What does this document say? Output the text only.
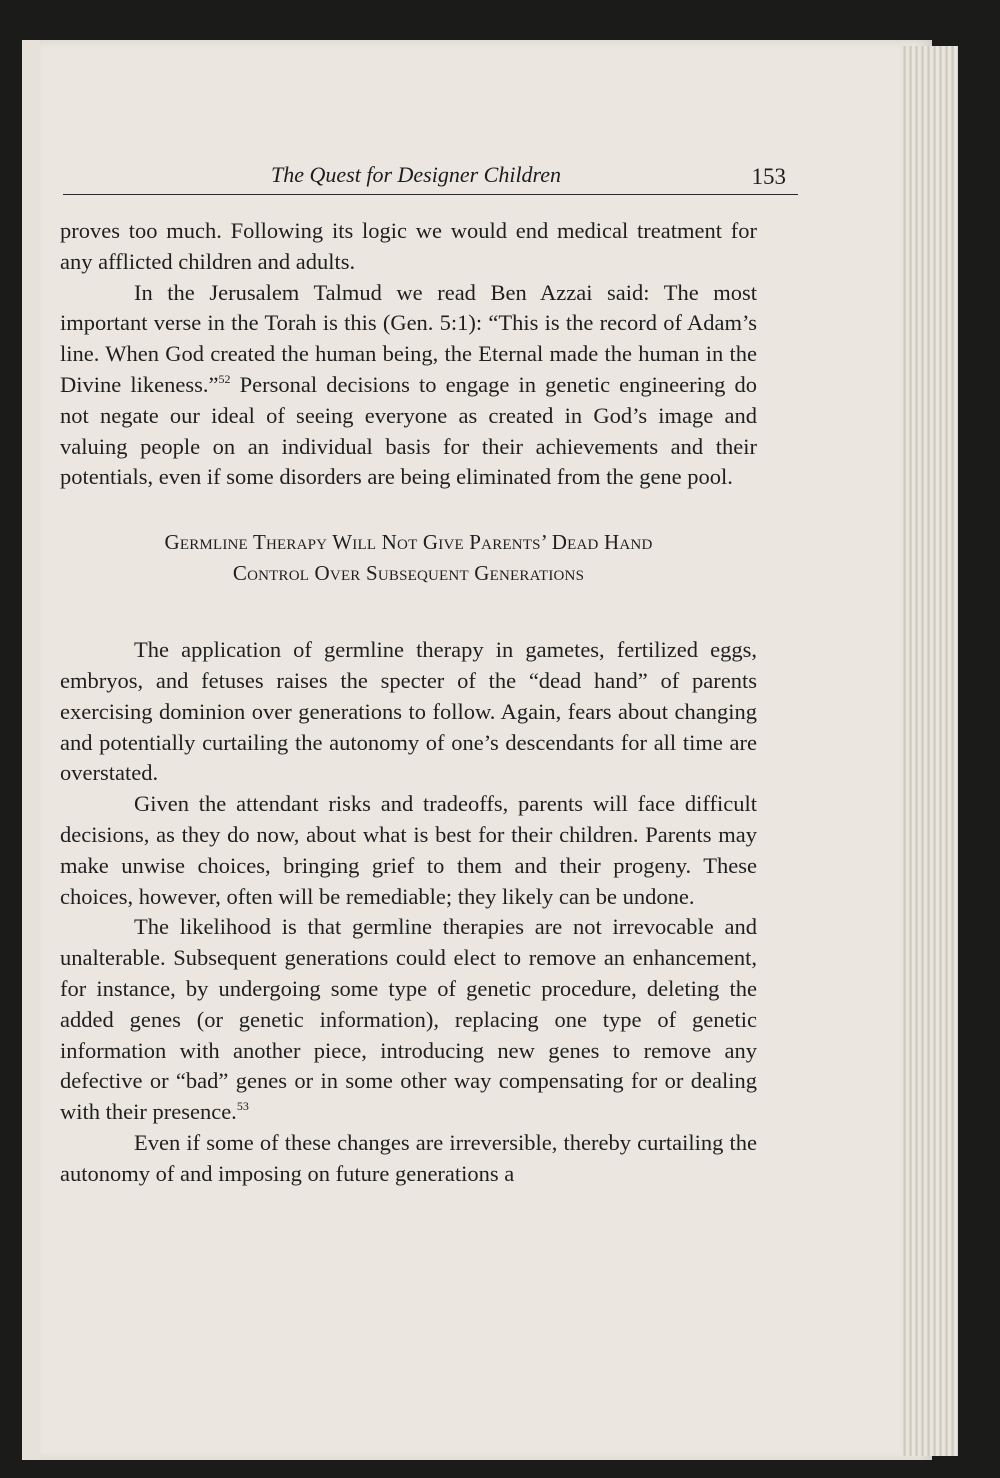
The Quest for Designer Children	153

proves too much. Following its logic we would end medical treatment for any afflicted children and adults.

In the Jerusalem Talmud we read Ben Azzai said: The most important verse in the Torah is this (Gen. 5:1): “This is the record of Adam’s line. When God created the human being, the Eternal made the human in the Divine likeness.”$^{52}$ Personal decisions to engage in genetic engineering do not negate our ideal of seeing everyone as created in God’s image and valuing people on an individual basis for their achievements and their potentials, even if some disorders are being eliminated from the gene pool.

Germline Therapy Will Not Give Parents’ Dead Hand
Control Over Subsequent Generations

The application of germline therapy in gametes, fertilized eggs, embryos, and fetuses raises the specter of the “dead hand” of parents exercising dominion over generations to follow. Again, fears about changing and potentially curtailing the autonomy of one’s descendants for all time are overstated.

Given the attendant risks and tradeoffs, parents will face difficult decisions, as they do now, about what is best for their children. Parents may make unwise choices, bringing grief to them and their progeny. These choices, however, often will be remediable; they likely can be undone.

The likelihood is that germline therapies are not irrevocable and unalterable. Subsequent generations could elect to remove an enhancement, for instance, by undergoing some type of genetic procedure, deleting the added genes (or genetic information), replacing one type of genetic information with another piece, introducing new genes to remove any defective or “bad” genes or in some other way compensating for or dealing with their presence.$^{53}$

Even if some of these changes are irreversible, thereby curtailing the autonomy of and imposing on future generations a
